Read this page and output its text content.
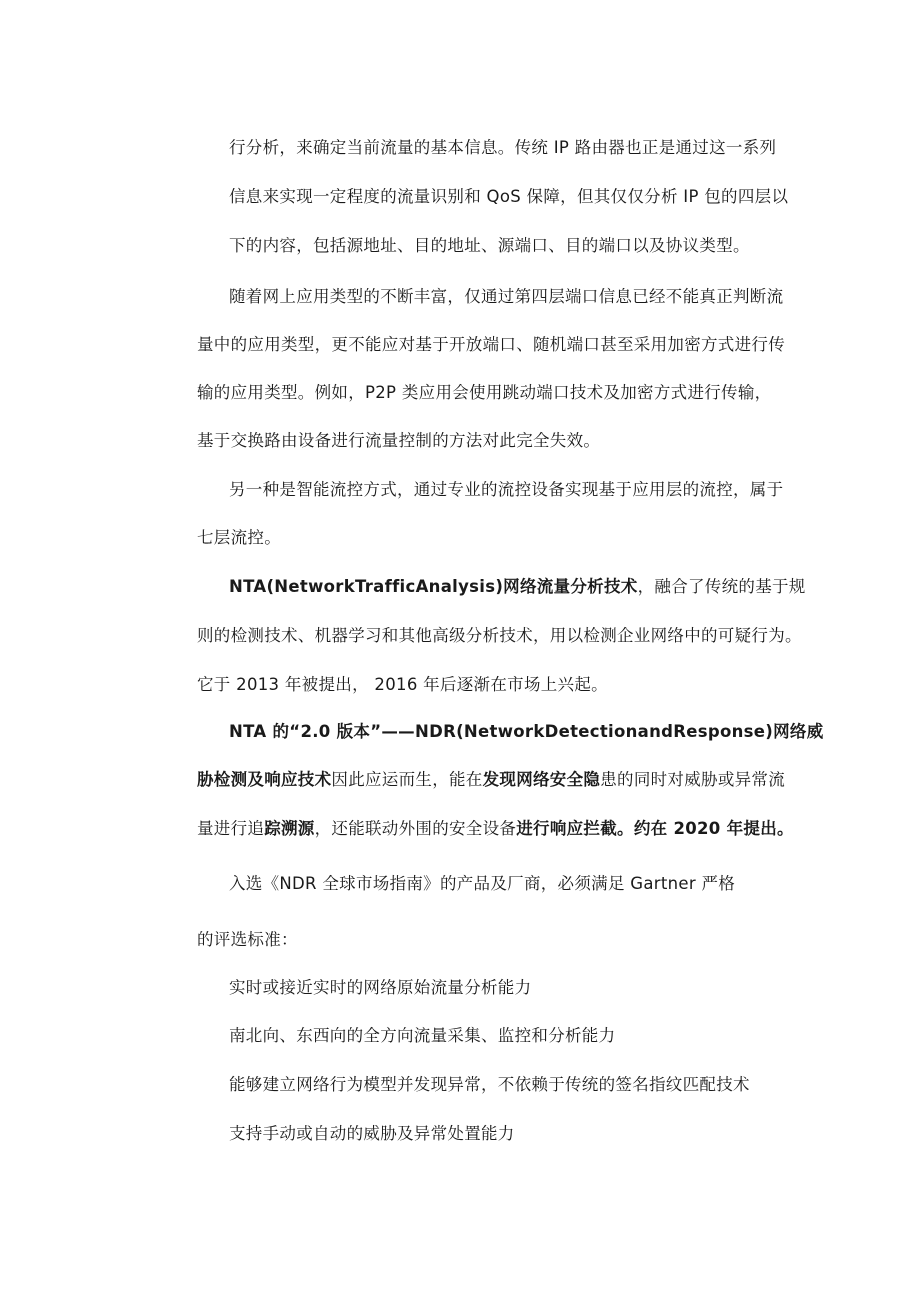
行分析，来确定当前流量的基本信息。传统 IP 路由器也正是通过这一系列
信息来实现一定程度的流量识别和 QoS 保障，但其仅仅分析 IP 包的四层以
下的内容，包括源地址、目的地址、源端口、目的端口以及协议类型。
随着网上应用类型的不断丰富，仅通过第四层端口信息已经不能真正判断流
量中的应用类型，更不能应对基于开放端口、随机端口甚至采用加密方式进行传
输的应用类型。例如，P2P 类应用会使用跳动端口技术及加密方式进行传输，
基于交换路由设备进行流量控制的方法对此完全失效。
另一种是智能流控方式，通过专业的流控设备实现基于应用层的流控，属于
七层流控。
NTA(NetworkTrafficAnalysis)网络流量分析技术，融合了传统的基于规
则的检测技术、机器学习和其他高级分析技术，用以检测企业网络中的可疑行为。
它于 2013 年被提出， 2016 年后逐渐在市场上兴起。
NTA 的“2.0 版本”——NDR(NetworkDetectionandResponse)网络威
胁检测及响应技术因此应运而生，能在发现网络安全隐患的同时对威胁或异常流
量进行追踪溯源，还能联动外围的安全设备进行响应拦截。约在 2020 年提出。
入选《NDR 全球市场指南》的产品及厂商，必须满足 Gartner 严格
的评选标准：
实时或接近实时的网络原始流量分析能力
南北向、东西向的全方向流量采集、监控和分析能力
能够建立网络行为模型并发现异常，不依赖于传统的签名指纹匹配技术
支持手动或自动的威胁及异常处置能力
